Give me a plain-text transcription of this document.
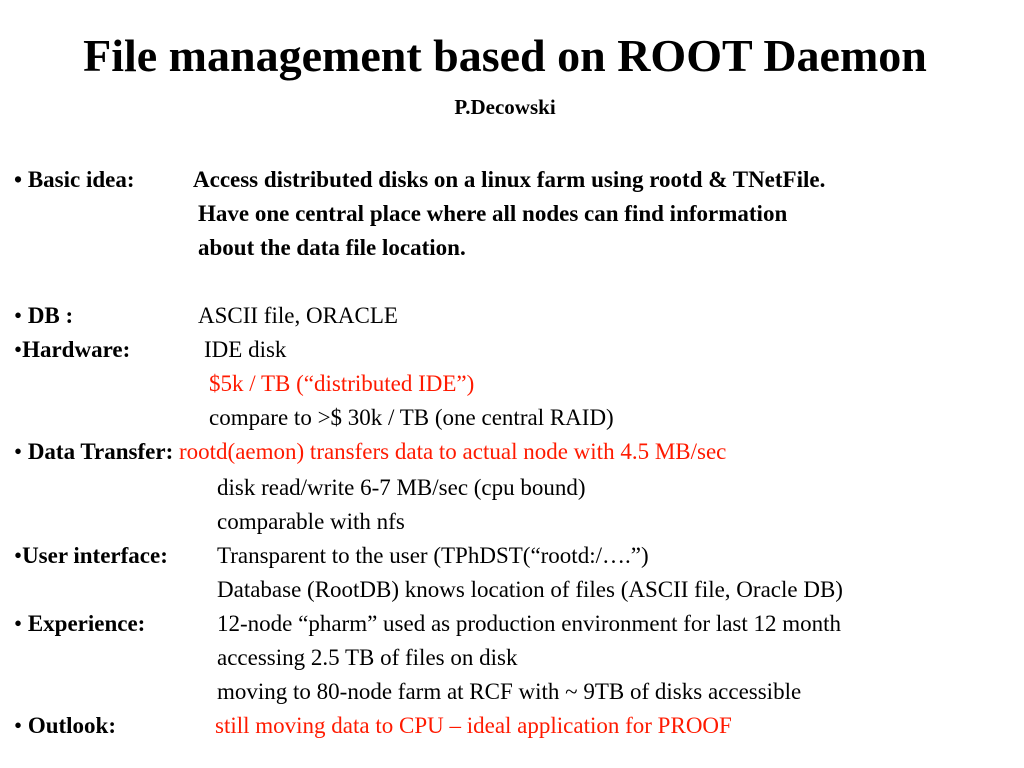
File management based on ROOT Daemon
P.Decowski
• Basic idea:	Access distributed disks on a linux farm using rootd & TNetFile.
Have one central place where all nodes can find information
about the data file location.
• DB :	ASCII file, ORACLE
•Hardware:	IDE disk
$5k / TB (“distributed IDE”)
compare to >$ 30k / TB (one central RAID)
• Data Transfer: rootd(aemon) transfers data to actual node with 4.5 MB/sec
disk read/write 6-7 MB/sec (cpu bound)
comparable with nfs
•User interface: Transparent to the user (TPhDST(“rootd:/….”)
Database (RootDB) knows location of files (ASCII file, Oracle DB)
• Experience:	12-node “pharm” used as production environment for last 12 month
accessing 2.5 TB of files on disk
moving to 80-node farm at RCF with ~ 9TB of disks accessible
• Outlook:	still moving data to CPU – ideal application for PROOF
